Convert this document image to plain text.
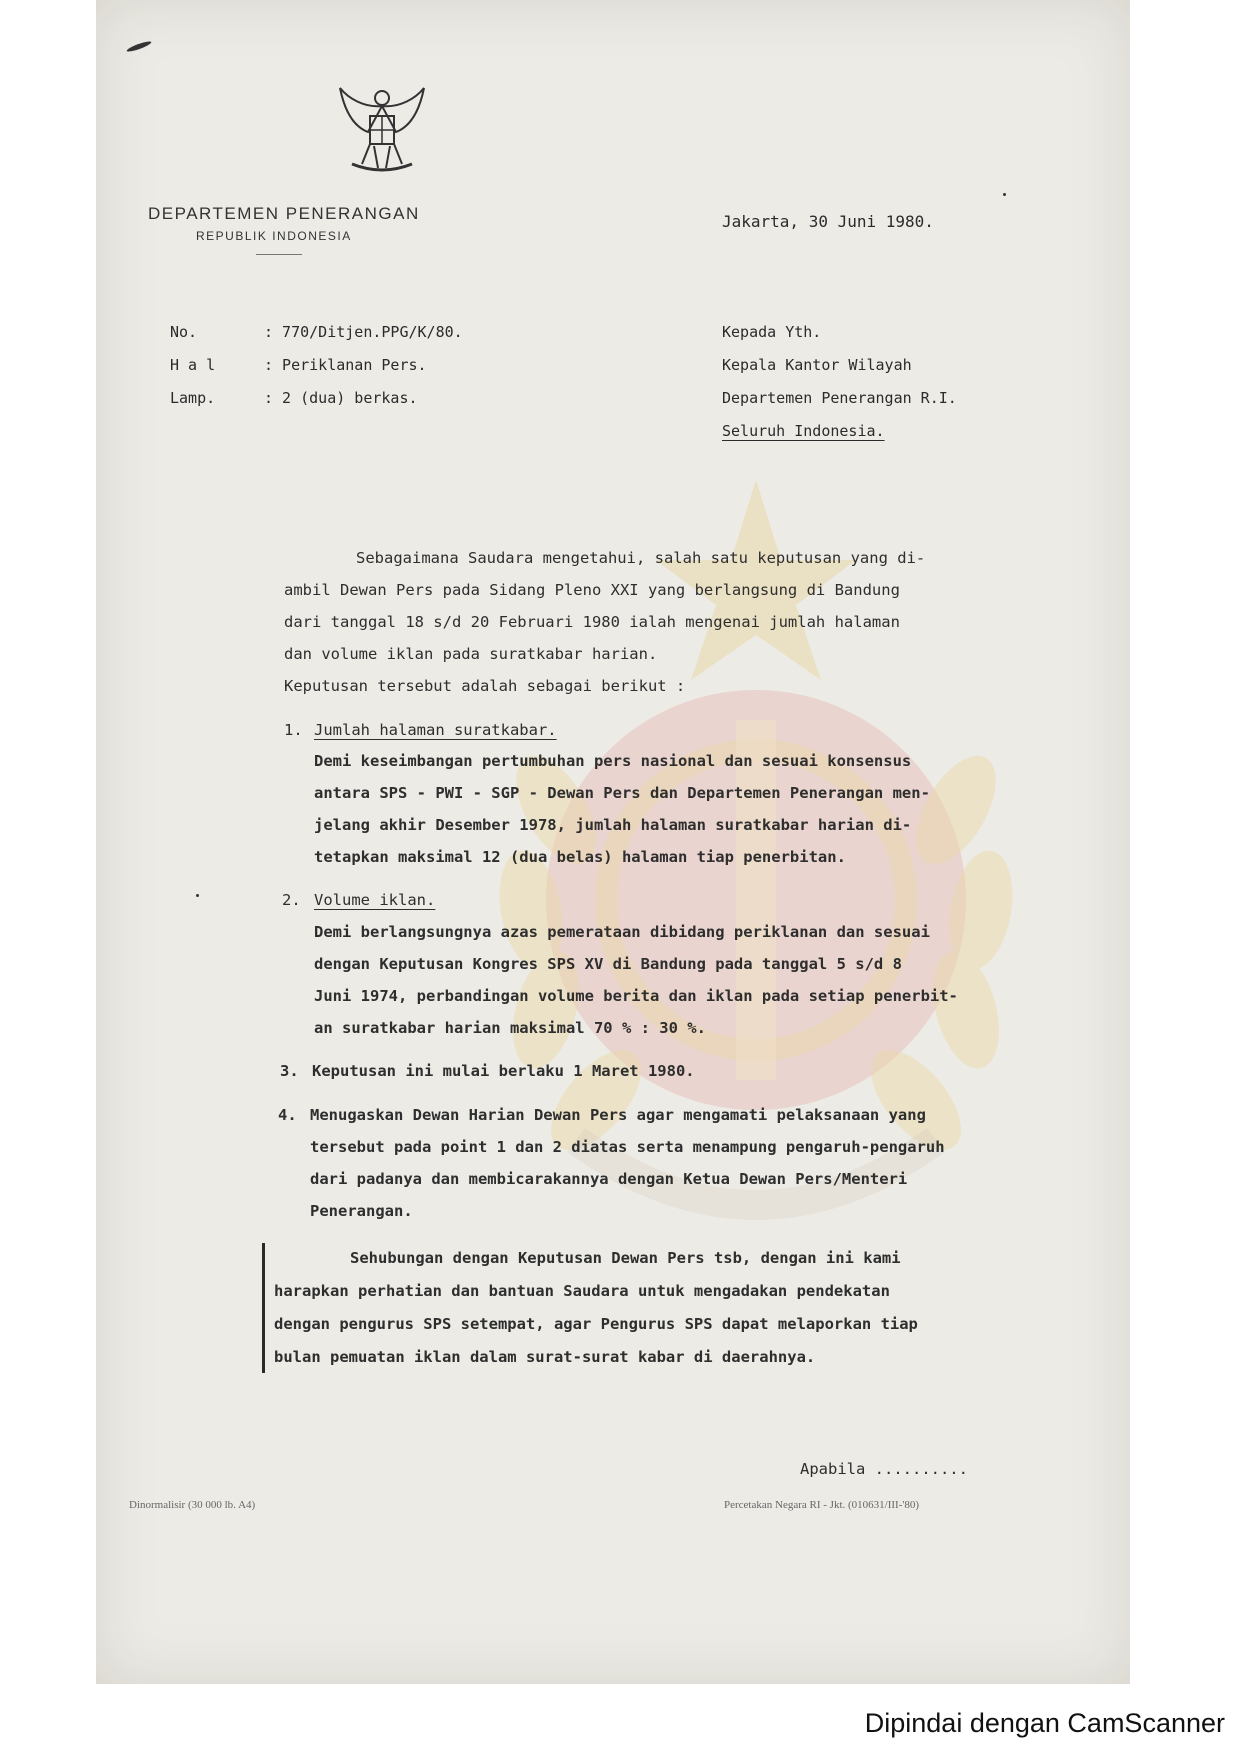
DEPARTEMEN PENERANGAN
REPUBLIK INDONESIA
Jakarta, 30 Juni 1980.
No.	: 770/Ditjen.PPG/K/80.
H a l	: Periklanan Pers.
Lamp.	: 2 (dua) berkas.
Kepada Yth.
Kepala Kantor Wilayah
Departemen Penerangan R.I.
Seluruh Indonesia.
Sebagaimana Saudara mengetahui, salah satu keputusan yang di-
ambil Dewan Pers pada Sidang Pleno XXI yang berlangsung di Bandung
dari tanggal 18 s/d 20 Februari 1980 ialah mengenai jumlah halaman
dan volume iklan pada suratkabar harian.
Keputusan tersebut adalah sebagai berikut :
1. Jumlah halaman suratkabar.
Demi keseimbangan pertumbuhan pers nasional dan sesuai konsensus
antara SPS - PWI - SGP - Dewan Pers dan Departemen Penerangan men-
jelang akhir Desember 1978, jumlah halaman suratkabar harian di-
tetapkan maksimal 12 (dua belas) halaman tiap penerbitan.
2. Volume iklan.
Demi berlangsungnya azas pemerataan dibidang periklanan dan sesuai
dengan Keputusan Kongres SPS XV di Bandung pada tanggal 5 s/d 8
Juni 1974, perbandingan volume berita dan iklan pada setiap penerbit-
an suratkabar harian maksimal 70 % : 30 %.
3. Keputusan ini mulai berlaku 1 Maret 1980.
4. Menugaskan Dewan Harian Dewan Pers agar mengamati pelaksanaan yang
tersebut pada point 1 dan 2 diatas serta menampung pengaruh-pengaruh
dari padanya dan membicarakannya dengan Ketua Dewan Pers/Menteri
Penerangan.
Sehubungan dengan Keputusan Dewan Pers tsb, dengan ini kami
harapkan perhatian dan bantuan Saudara untuk mengadakan pendekatan
dengan pengurus SPS setempat, agar Pengurus SPS dapat melaporkan tiap
bulan pemuatan iklan dalam surat-surat kabar di daerahnya.
Apabila ..........
Dinormalisir (30 000 lb. A4)	Percetakan Negara RI - Jkt. (010631/III-'80)
Dipindai dengan CamScanner
